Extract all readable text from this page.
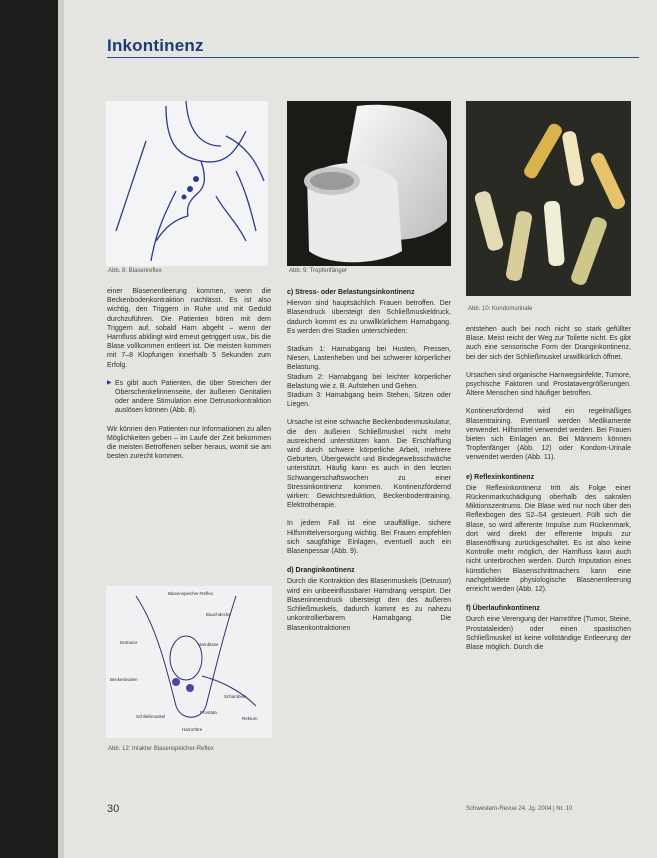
Inkontinenz
Abb. 8: Blasenreflex	Abb. 9: Tropfenfänger
Abb. 10: Kondomurinale

einer Blasenentleerung kommen, wenn die Beckenbodenkontraktion nachlässt. Es ist also wichtig, den Triggern in Ruhe und mit Geduld durchzuführen. Die Patienten hören mit dem Triggern auf, sobald Harn abgeht – wenn der Harnfluss abklingt wird erneut getriggert usw., bis die Blase vollkommen entleert ist. Die meisten kommen mit 7–8 Klopfungen innerhalb 5 Sekunden zum Erfolg.

▶ Es gibt auch Patienten, die über Streichen der Oberschenkelinnenseite, der äußeren Genitalien oder andere Stimulation eine Detrusorkontraktion auslösen können (Abb. 8).

Wir können den Patienten nur Informationen zu allen Möglichkeiten geben – im Laufe der Zeit bekommen die meisten Betroffenen selber heraus, womit sie am besten zurecht kommen.

Blasenspeicher-Reflex
Bauchdecke
Harnblase
Detrusor
Schambein
Beckenboden
Prostata
Harnröhre
Rektum
Schließmuskel
Abb. 12: Intakter Blasenspeicher-Reflex

c) Stress- oder Belastungsinkontinenz

Hiervon sind hauptsächlich Frauen betroffen. Der Blasendruck übersteigt den Schließmuskeldruck, dadurch kommt es zu unwillkürlichem Harnabgang. Es werden drei Stadien unterschieden:

Stadium 1: Harnabgang bei Husten, Pressen, Niesen, Lastenheben und bei schwerer körperlicher Belastung.

Stadium 2: Harnabgang bei leichter körperlicher Belastung wie z. B. Aufstehen und Gehen.

Stadium 3: Harnabgang beim Stehen, Sitzen oder Liegen.

Ursache ist eine schwache Beckenbodenmuskulatur, die den äußeren Schließmuskel nicht mehr ausreichend unterstützen kann. Die Erschlaffung wird durch schwere körperliche Arbeit, mehrere Geburten, Übergewicht und Bindegewebsschwäche unterstützt. Häufig kann es auch in den letzten Schwangerschaftswochen zu einer Stressinkontinenz kommen. Kontinenzfördernd wirken: Gewichtsreduktion, Beckenbodentraining, Elektrotherapie.

In jedem Fall ist eine urauffällige, sichere Hilfsmittelversorgung wichtig. Bei Frauen empfehlen sich saugfähige Einlagen, eventuell auch ein Blasenpessar (Abb. 9).

d) Dranginkontinenz

Durch die Kontraktion des Blasenmuskels (Detrusor) wird ein unbeeinflussbarer Harndrang verspürt. Der Blaseninnendruck übersteigt den des äußeren Schließmuskels, dadurch kommt es zu nahezu unkontrollierbarem Harnabgang. Die Blasenkontraktionen

entstehen auch bei noch nicht so stark gefüllter Blase. Meist reicht der Weg zur Toilette nicht. Es gibt auch eine sensorische Form der Dranginkontinenz, bei der sich der Schließmuskel unwillkürlich öffnet.

Ursachen sind organische Harnwegsinfekte, Tumore, psychische Faktoren und Prostatavergrößerungen. Ältere Menschen sind häufiger betroffen.

Kontinenzfördernd wird ein regelmäßiges Blasentraining. Eventuell werden Medikamente verwendet. Hilfsmittel verwendet werden. Bei Frauen bieten sich Einlagen an. Bei Männern können Tropfenfänger (Abb. 12) oder Kondom-Urinale verwendet werden (Abb. 11).

e) Reflexinkontinenz

Die Reflexinkontinenz tritt als Folge einer Rückenmarkschädigung oberhalb des sakralen Miktionszentrums. Die Blase wird nur noch über den Reflexbogen des S2–S4 gesteuert. Füllt sich die Blase, so wird afferente Impulse zum Rückenmark, dort wird direkt der efferente Impuls zur Blasenöffnung zurückgeschaltet. Es ist also keine Kontrolle mehr möglich, der Harnfluss kann auch nicht unterbrochen werden. Durch Imputation eines künstlichen Blasenschrittmachers kann eine nachgebildete physiologische Blasenentleerung erreicht werden (Abb. 12).

f) Überlaufinkontinenz

Durch eine Verengung der Harnröhre (Tumor, Steine, Prostataleiden) oder einen spastischen Schließmuskel ist keine vollständige Entleerung der Blase möglich. Durch die

30	Schwestern-Revue 24. Jg. 2004 | Nr. 10
